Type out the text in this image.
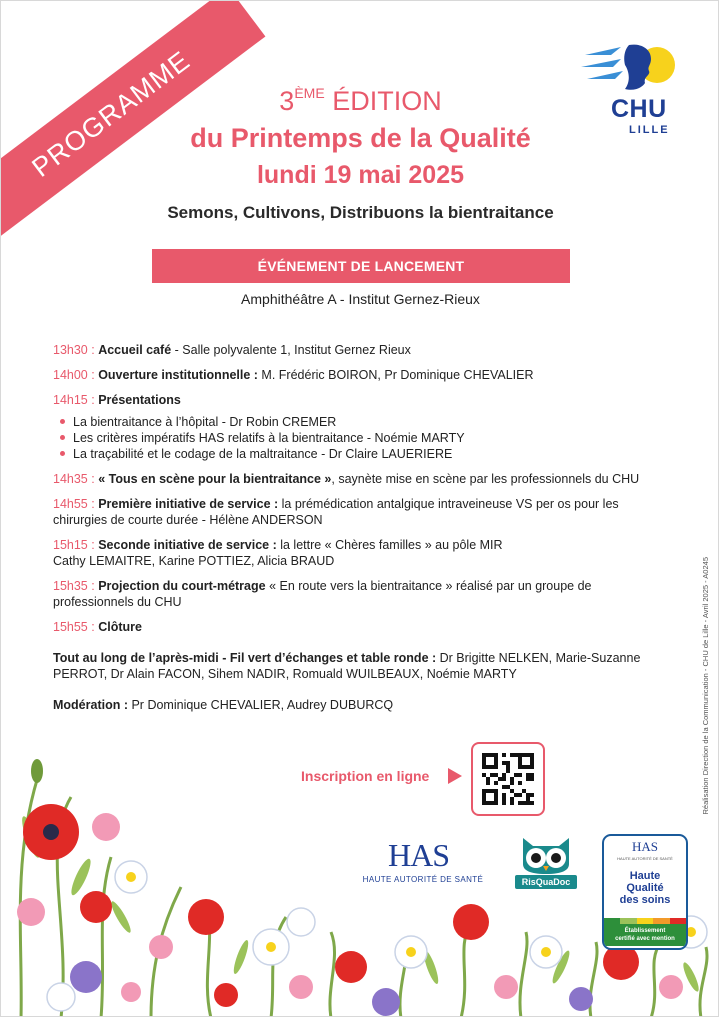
PROGRAMME	CHU
LILLE
3ÈME ÉDITION
du Printemps de la Qualité
lundi 19 mai 2025
Semons, Cultivons, Distribuons la bientraitance
ÉVÉNEMENT DE LANCEMENT
Amphithéâtre A - Institut Gernez-Rieux
13h30 : Accueil café - Salle polyvalente 1, Institut Gernez Rieux
14h00 : Ouverture institutionnelle : M. Frédéric BOIRON, Pr Dominique CHEVALIER
14h15 : Présentations
La bientraitance à l’hôpital - Dr Robin CREMER
Les critères impératifs HAS relatifs à la bientraitance - Noémie MARTY
La traçabilité et le codage de la maltraitance - Dr Claire LAUERIERE
14h35 : « Tous en scène pour la bientraitance », saynète mise en scène par les professionnels du CHU
14h55 : Première initiative de service : la prémédication antalgique intraveineuse VS per os pour les chirurgies de courte durée - Hélène ANDERSON
15h15 : Seconde initiative de service : la lettre « Chères familles » au pôle MIR
Cathy LEMAITRE, Karine POTTIEZ, Alicia BRAUD
15h35 : Projection du court-métrage « En route vers la bientraitance » réalisé par un groupe de professionnels du CHU
15h55 : Clôture
Tout au long de l’après-midi - Fil vert d’échanges et table ronde : Dr Brigitte NELKEN, Marie-Suzanne PERROT, Dr Alain FACON, Sihem NADIR, Romuald WUILBEAUX, Noémie MARTY
Modération : Pr Dominique CHEVALIER, Audrey DUBURCQ
Inscription en ligne
HAS
HAUTE AUTORITÉ DE SANTÉ	RisQuaDoc
HAS
HAUTE AUTORITÉ DE SANTÉ
Haute
Qualité
des soins
Établissement
certifié avec mention
Réalisation Direction de la Communication - CHU de Lille - Avril 2025 - A0245
